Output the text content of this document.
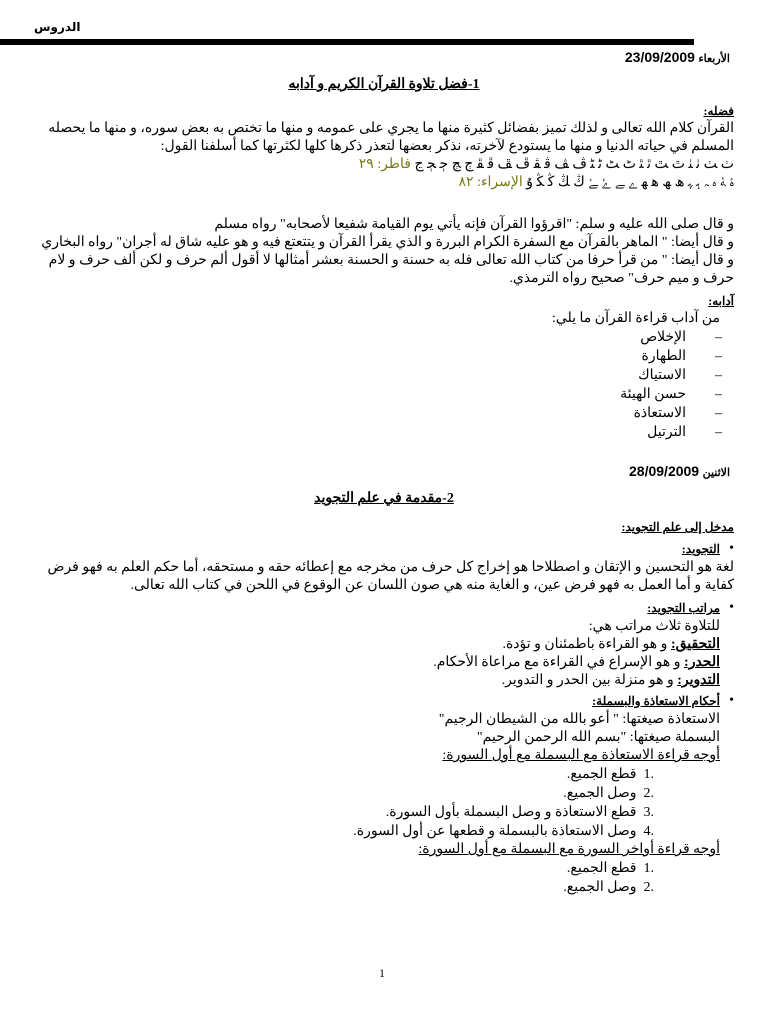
الدروس

الأربعاء 23/09/2009

1-فضل تلاوة القرآن الكريم و آدابه

فضله:

القرآن كلام الله تعالى و لذلك تميز بفضائل كثيرة منها ما يجري على عمومه و منها ما تختص به بعض سوره، و منها ما يحصله المسلم في حياته الدنيا و منها ما يستودع لآخرته، نذكر بعضها لتعذر ذكرها كلها لكثرتها كما أسلفنا القول:

ﭞ ﭟ ﭠ ﭡ ﭢ ﭣ ﭤ ﭥ ﭦ ﭧ ﭨ ﭩ ﭪ ﭫ ﭬ ﭭ ﭮ ﭯ ﭰ ﭱ ﭲ ﭳ ﭴ ﭵ ﭶ فاطر: ٢٩

ﮤ ﮥ ﮦ ﮧ ﮨ ﮩ ﮪ ﮫ ﮬ ﮭ ﮮ ﮯ ﮰ ﮱ ﯓ ﯔ ﯕ ﯖ ﯗ الإسراء: ٨٢

و قال صلى الله عليه و سلم: "اقرؤوا القرآن فإنه يأتي يوم القيامة شفيعا لأصحابه" رواه مسلم

و قال أيضا: " الماهر بالقرآن مع السفرة الكرام البررة و الذي يقرأ القرآن و يتتعتع فيه و هو عليه شاق له أجران" رواه البخاري

و قال أيضا: " من قرأ حرفا من كتاب الله تعالى فله به حسنة و الحسنة بعشر أمثالها لا أقول ألم حرف و لكن ألف حرف و لام حرف و ميم حرف" صحيح رواه الترمذي.

آدابه:

من آداب قراءة القرآن ما يلي:

–
الإخلاص
–
الطهارة
–
الاستياك
–
حسن الهيئة
–
الاستعاذة
–
الترتيل

الاثنين 28/09/2009

2-مقدمة في علم التجويد

مدخل إلى علم التجويد:

•
التجويد:

لغة هو التحسين و الإتقان و اصطلاحا هو إخراج كل حرف من مخرجه مع إعطائه حقه و مستحقه، أما حكم العلم به فهو فرض كفاية و أما العمل به فهو فرض عين، و الغاية منه هي صون اللسان عن الوقوع في اللحن في كتاب الله تعالى.

•
مراتب التجويد:

للتلاوة ثلاث مراتب هي:

التحقيق: و هو القراءة باطمئنان و تؤدة.

الحدر: و هو الإسراع في القراءة مع مراعاة الأحكام.

التدوير: و هو منزلة بين الحدر و التدوير.

•
أحكام الاستعاذة والبسملة:

الاستعاذة صيغتها: " أعو بالله من الشيطان الرجيم"

البسملة صيغتها: "بسم الله الرحمن الرحيم"

أوجه قراءة الاستعاذة مع البسملة مع أول السورة:

1. قطع الجميع.
2. وصل الجميع.
3. قطع الاستعاذة و وصل البسملة بأول السورة.
4. وصل الاستعاذة بالبسملة و قطعها عن أول السورة.

أوجه قراءة أواخر السورة مع البسملة مع أول السورة:

1. قطع الجميع.
2. وصل الجميع.
1
